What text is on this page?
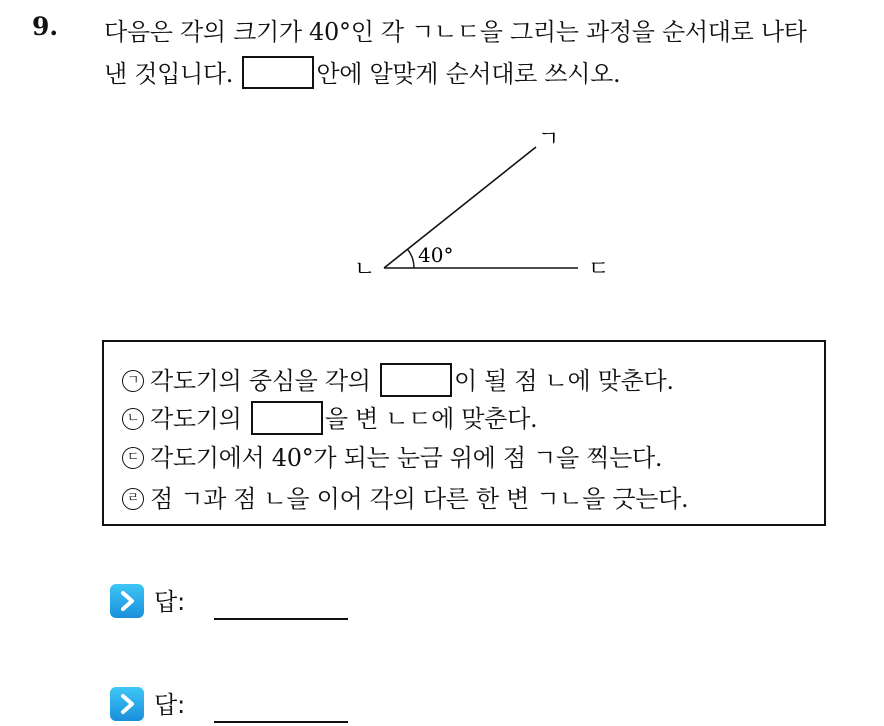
9. 다음은 각의 크기가 40°인 각 ㄱㄴㄷ을 그리는 과정을 순서대로 나타
낸 것입니다.	안에 알맞게 순서대로 쓰시오.
40°
ㄱ
ㄴ	ㄷ
ㄱ 각도기의 중심을 각의	이 될 점 ㄴ에 맞춘다.
ㄴ 각도기의	을 변 ㄴㄷ에 맞춘다.
ㄷ 각도기에서 40°가 되는 눈금 위에 점 ㄱ을 찍는다.
ㄹ 점 ㄱ과 점 ㄴ을 이어 각의 다른 한 변 ㄱㄴ을 긋는다.
답:
답:
